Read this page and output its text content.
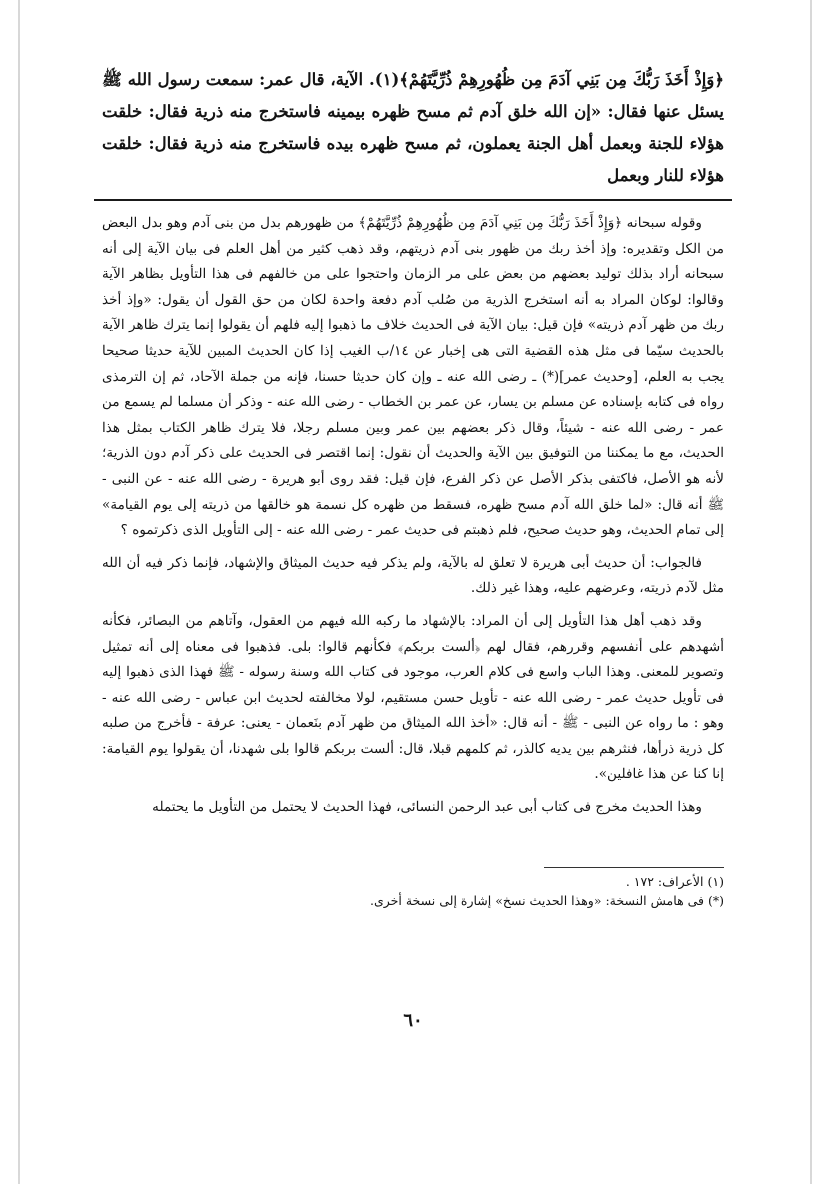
﴿وَإِذْ أَخَذَ رَبُّكَ مِن بَنِي آدَمَ مِن ظُهُورِهِمْ ذُرِّيَّتَهُمْ﴾(١). الآية، قال عمر: سمعت رسول الله ﷺ يسئل عنها فقال: «إن الله خلق آدم ثم مسح ظهره بيمينه فاستخرج منه ذرية فقال: خلقت هؤلاء للجنة وبعمل أهل الجنة يعملون، ثم مسح ظهره بيده فاستخرج منه ذرية فقال: خلقت هؤلاء للنار وبعمل

وقوله سبحانه ﴿وَإِذْ أَخَذَ رَبُّكَ مِن بَنِي آدَمَ مِن ظُهُورِهِمْ ذُرِّيَّتَهُمْ﴾ من ظهورهم بدل من بنى آدم وهو بدل البعض من الكل وتقديره: وإذ أخذ ربك من ظهور بنى آدم ذريتهم، وقد ذهب كثير من أهل العلم فى بيان الآية إلى أنه سبحانه أراد بذلك توليد بعضهم من بعض على مر الزمان واحتجوا على من خالفهم فى هذا التأويل بظاهر الآية وقالوا: لوكان المراد به أنه استخرج الذرية من صُلب آدم دفعة واحدة لكان من حق القول أن يقول: «وإذ أخذ ربك من ظهر آدم ذريته» فإن قيل: بيان الآية فى الحديث خلاف ما ذهبوا إليه فلهم أن يقولوا إنما يترك ظاهر الآية بالحديث سيّما فى مثل هذه القضية التى هى إخبار عن ١٤/ب الغيب إذا كان الحديث المبين للآية حديثا صحيحا يجب به العلم، [وحديث عمر](*) ـ رضى الله عنه ـ وإن كان حديثا حسنا، فإنه من جملة الآحاد، ثم إن الترمذى رواه فى كتابه بإسناده عن مسلم بن يسار، عن عمر بن الخطاب - رضى الله عنه - وذكر أن مسلما لم يسمع من عمر - رضى الله عنه - شيئاً، وقال ذكر بعضهم بين عمر وبين مسلم رجلا، فلا يترك ظاهر الكتاب بمثل هذا الحديث، مع ما يمكننا من التوفيق بين الآية والحديث أن نقول: إنما اقتصر فى الحديث على ذكر آدم دون الذرية؛ لأنه هو الأصل، فاكتفى بذكر الأصل عن ذكر الفرع، فإن قيل: فقد روى أبو هريرة - رضى الله عنه - عن النبى - ﷺ أنه قال: «لما خلق الله آدم مسح ظهره، فسقط من ظهره كل نسمة هو خالقها من ذريته إلى يوم القيامة» إلى تمام الحديث، وهو حديث صحيح، فلم ذهبتم فى حديث عمر - رضى الله عنه - إلى التأويل الذى ذكرتموه ؟

فالجواب: أن حديث أبى هريرة لا تعلق له بالآية، ولم يذكر فيه حديث الميثاق والإشهاد، فإنما ذكر فيه أن الله مثل لآدم ذريته، وعرضهم عليه، وهذا غير ذلك.

وقد ذهب أهل هذا التأويل إلى أن المراد: بالإشهاد ما ركبه الله فيهم من العقول، وآتاهم من البصائر، فكأنه أشهدهم على أنفسهم وقررهم، فقال لهم ﴿ألست بربكم﴾ فكأنهم قالوا: بلى. فذهبوا فى معناه إلى أنه تمثيل وتصوير للمعنى. وهذا الباب واسع فى كلام العرب، موجود فى كتاب الله وسنة رسوله - ﷺ فهذا الذى ذهبوا إليه فى تأويل حديث عمر - رضى الله عنه - تأويل حسن مستقيم، لولا مخالفته لحديث ابن عباس - رضى الله عنه - وهو : ما رواه عن النبى - ﷺ - أنه قال: «أخذ الله الميثاق من ظهر آدم بنَعمان - يعنى: عرفة - فأخرج من صلبه كل ذرية ذرأها، فنثرهم بين يديه كالذر، ثم كلمهم قبلا، قال: ألست بربكم قالوا بلى شهدنا، أن يقولوا يوم القيامة: إنا كنا عن هذا غافلين».

وهذا الحديث مخرج فى كتاب أبى عبد الرحمن النسائى، فهذا الحديث لا يحتمل من التأويل ما يحتمله

(١) الأعراف: ١٧٢ .
(*) فى هامش النسخة: «وهذا الحديث نسخ» إشارة إلى نسخة أخرى.
٦٠
